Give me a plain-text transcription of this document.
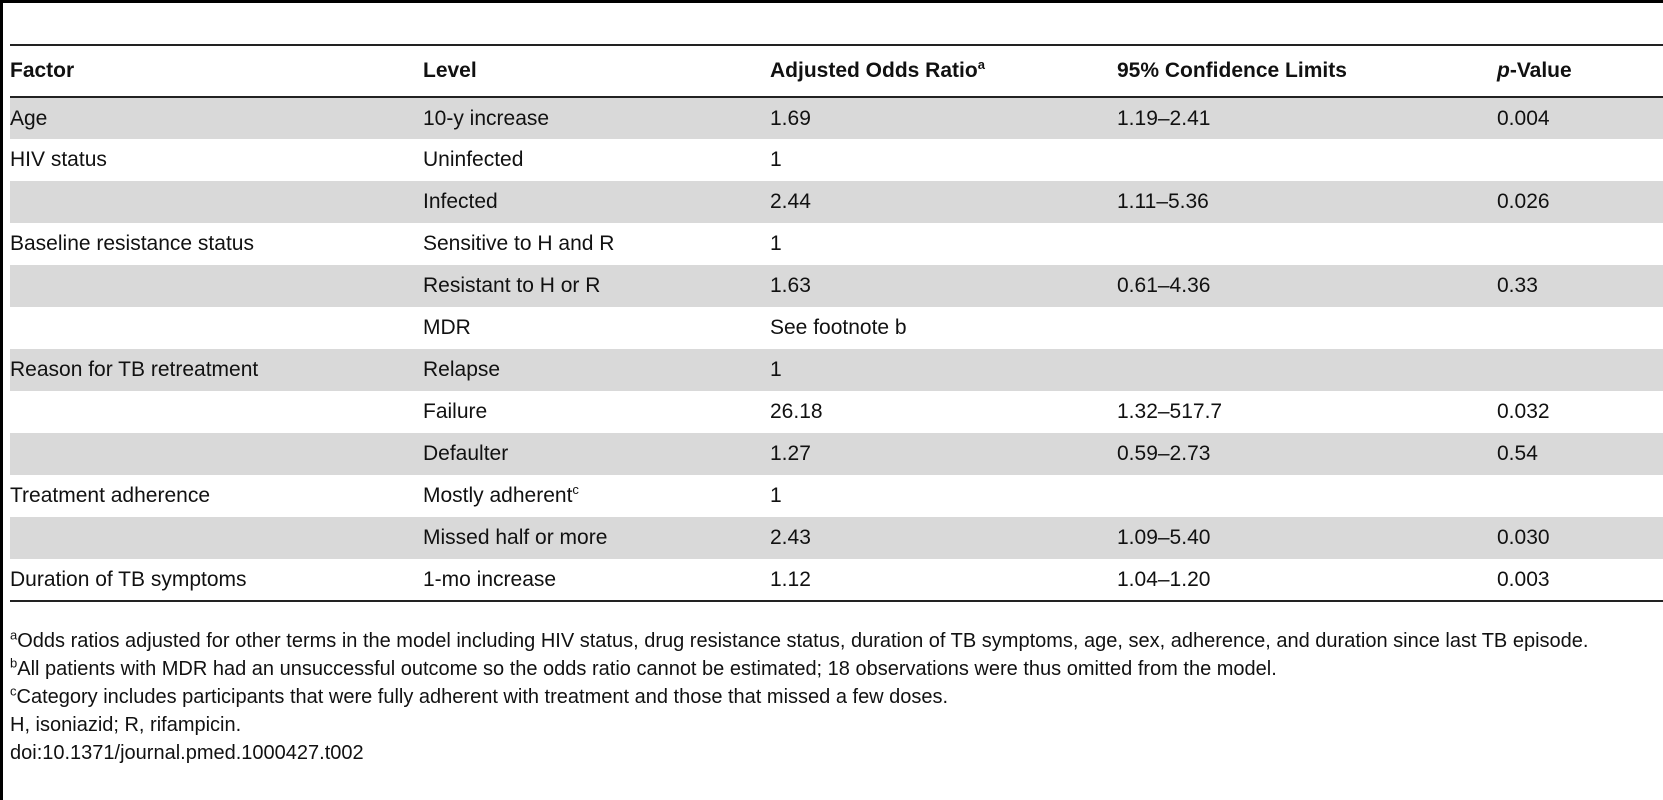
Factor	Level	Adjusted Odds Ratio$^a$	95% Confidence Limits	p-Value
Age	10-y increase	1.69	1.19–2.41	0.004
HIV status	Uninfected	1		
	Infected	2.44	1.11–5.36	0.026
Baseline resistance status	Sensitive to H and R	1		
	Resistant to H or R	1.63	0.61–4.36	0.33
	MDR	See footnote b		
Reason for TB retreatment	Relapse	1		
	Failure	26.18	1.32–517.7	0.032
	Defaulter	1.27	0.59–2.73	0.54
Treatment adherence	Mostly adherent$^c$	1		
	Missed half or more	2.43	1.09–5.40	0.030
Duration of TB symptoms	1-mo increase	1.12	1.04–1.20	0.003

$^a$Odds ratios adjusted for other terms in the model including HIV status, drug resistance status, duration of TB symptoms, age, sex, adherence, and duration since last TB episode.

$^b$All patients with MDR had an unsuccessful outcome so the odds ratio cannot be estimated; 18 observations were thus omitted from the model.

$^c$Category includes participants that were fully adherent with treatment and those that missed a few doses.

H, isoniazid; R, rifampicin.

doi:10.1371/journal.pmed.1000427.t002
